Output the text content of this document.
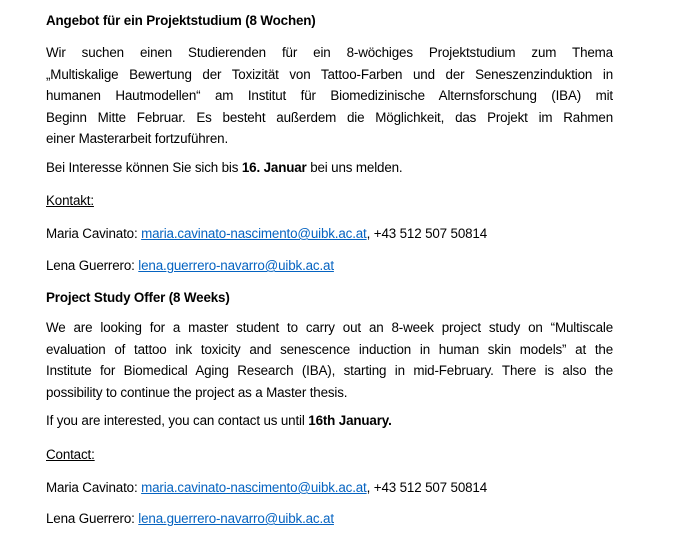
Angebot für ein Projektstudium (8 Wochen)
Wir suchen einen Studierenden für ein 8-wöchiges Projektstudium zum Thema
„Multiskalige Bewertung der Toxizität von Tattoo-Farben und der Seneszenzinduktion in
humanen Hautmodellen“ am Institut für Biomedizinische Alternsforschung (IBA) mit
Beginn Mitte Februar. Es besteht außerdem die Möglichkeit, das Projekt im Rahmen
einer Masterarbeit fortzuführen.
Bei Interesse können Sie sich bis 16. Januar bei uns melden.
Kontakt:
Maria Cavinato: maria.cavinato-nascimento@uibk.ac.at, +43 512 507 50814
Lena Guerrero: lena.guerrero-navarro@uibk.ac.at
Project Study Offer (8 Weeks)
We are looking for a master student to carry out an 8-week project study on “Multiscale
evaluation of tattoo ink toxicity and senescence induction in human skin models” at the
Institute for Biomedical Aging Research (IBA), starting in mid-February. There is also the
possibility to continue the project as a Master thesis.
If you are interested, you can contact us until 16th January.
Contact:
Maria Cavinato: maria.cavinato-nascimento@uibk.ac.at, +43 512 507 50814
Lena Guerrero: lena.guerrero-navarro@uibk.ac.at
